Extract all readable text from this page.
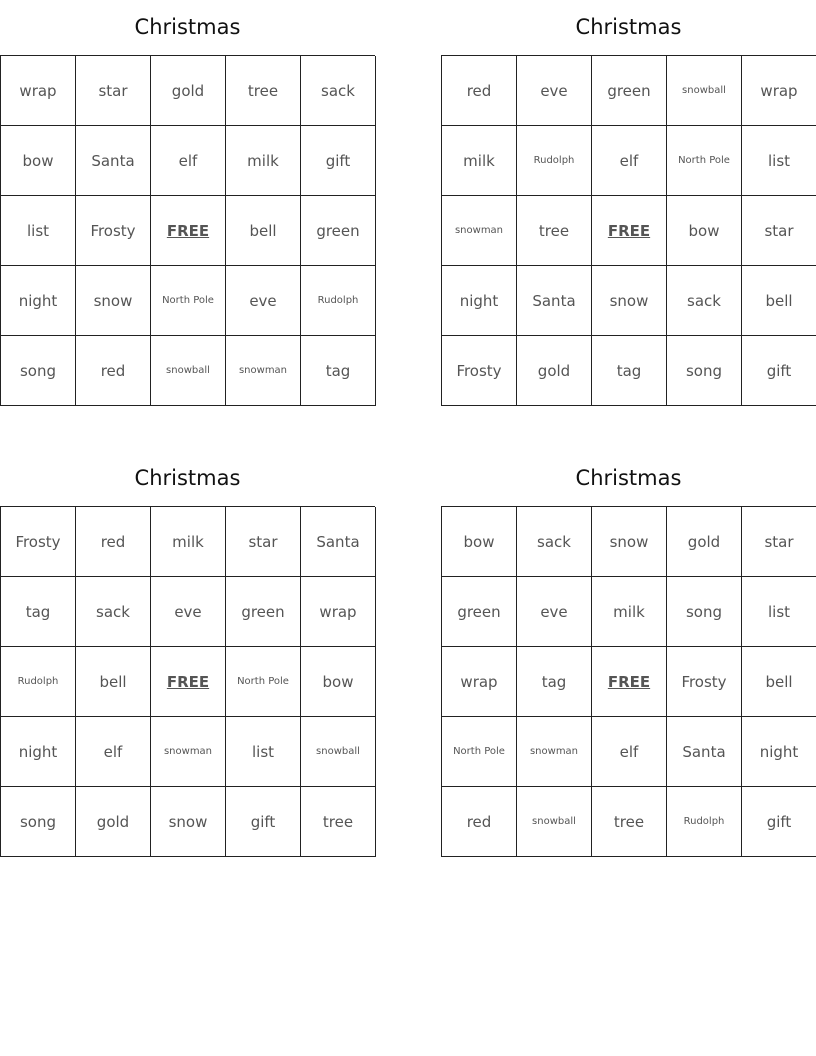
Christmas
wrap	star	gold	tree	sack
bow	Santa	elf	milk	gift
list	Frosty	FREE	bell	green
night	snow	North Pole	eve	Rudolph
song	red	snowball	snowman	tag
Christmas
red	eve	green	snowball	wrap
milk	Rudolph	elf	North Pole	list
snowman	tree	FREE	bow	star
night	Santa	snow	sack	bell
Frosty	gold	tag	song	gift
Christmas
Frosty	red	milk	star	Santa
tag	sack	eve	green	wrap
Rudolph	bell	FREE	North Pole	bow
night	elf	snowman	list	snowball
song	gold	snow	gift	tree
Christmas
bow	sack	snow	gold	star
green	eve	milk	song	list
wrap	tag	FREE	Frosty	bell
North Pole	snowman	elf	Santa	night
red	snowball	tree	Rudolph	gift
